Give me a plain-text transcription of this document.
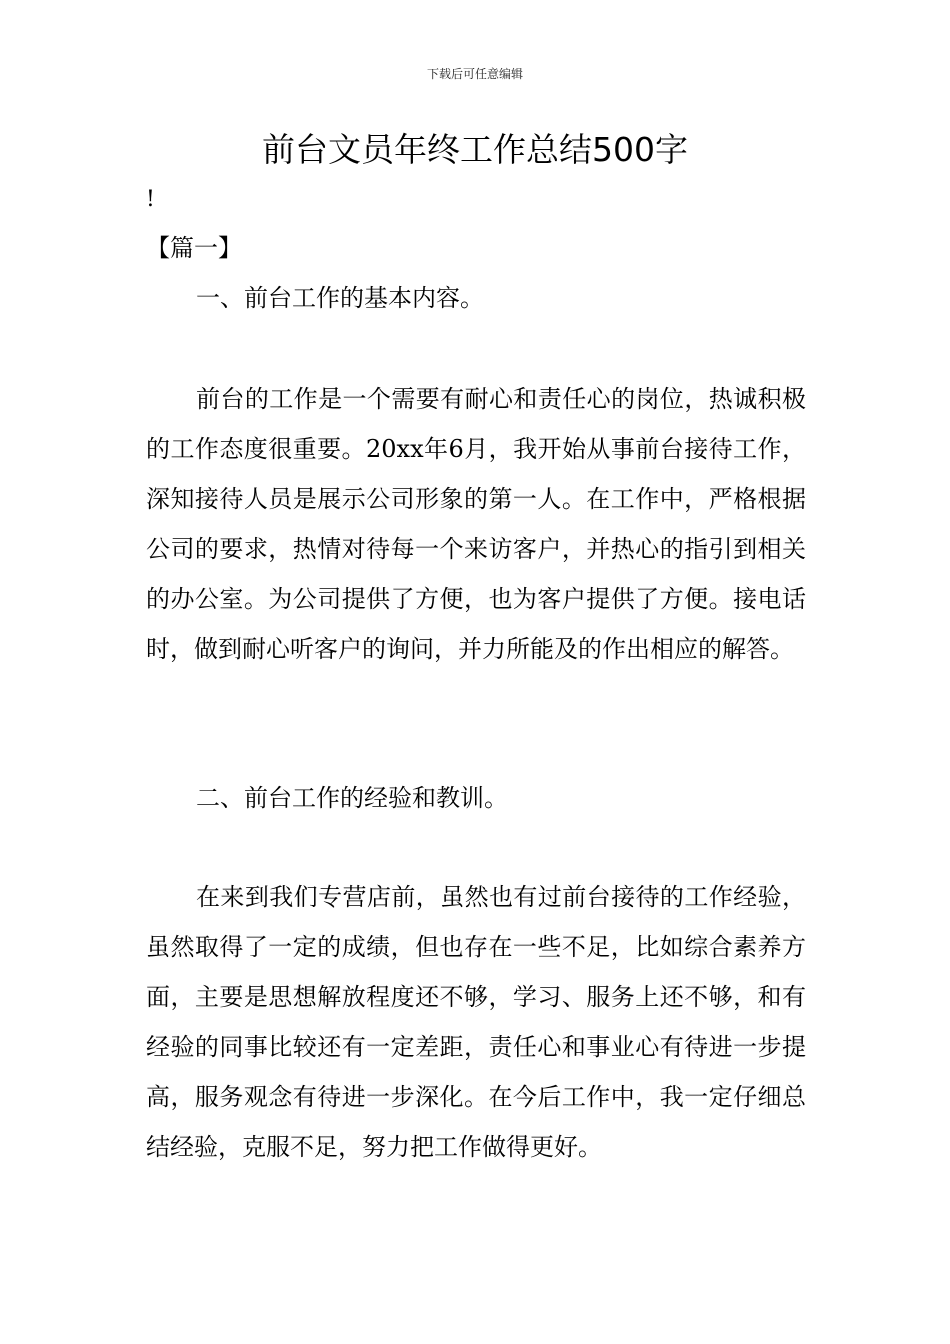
下载后可任意编辑
前台文员年终工作总结500字
!
【篇一】
一、前台工作的基本内容。
前台的工作是一个需要有耐心和责任心的岗位，热诚积极的工作态度很重要。20xx年6月，我开始从事前台接待工作，深知接待人员是展示公司形象的第一人。在工作中，严格根据公司的要求，热情对待每一个来访客户，并热心的指引到相关的办公室。为公司提供了方便，也为客户提供了方便。接电话时，做到耐心听客户的询问，并力所能及的作出相应的解答。
二、前台工作的经验和教训。
在来到我们专营店前，虽然也有过前台接待的工作经验，虽然取得了一定的成绩，但也存在一些不足，比如综合素养方面，主要是思想解放程度还不够，学习、服务上还不够，和有经验的同事比较还有一定差距，责任心和事业心有待进一步提高，服务观念有待进一步深化。在今后工作中，我一定仔细总结经验，克服不足，努力把工作做得更好。
